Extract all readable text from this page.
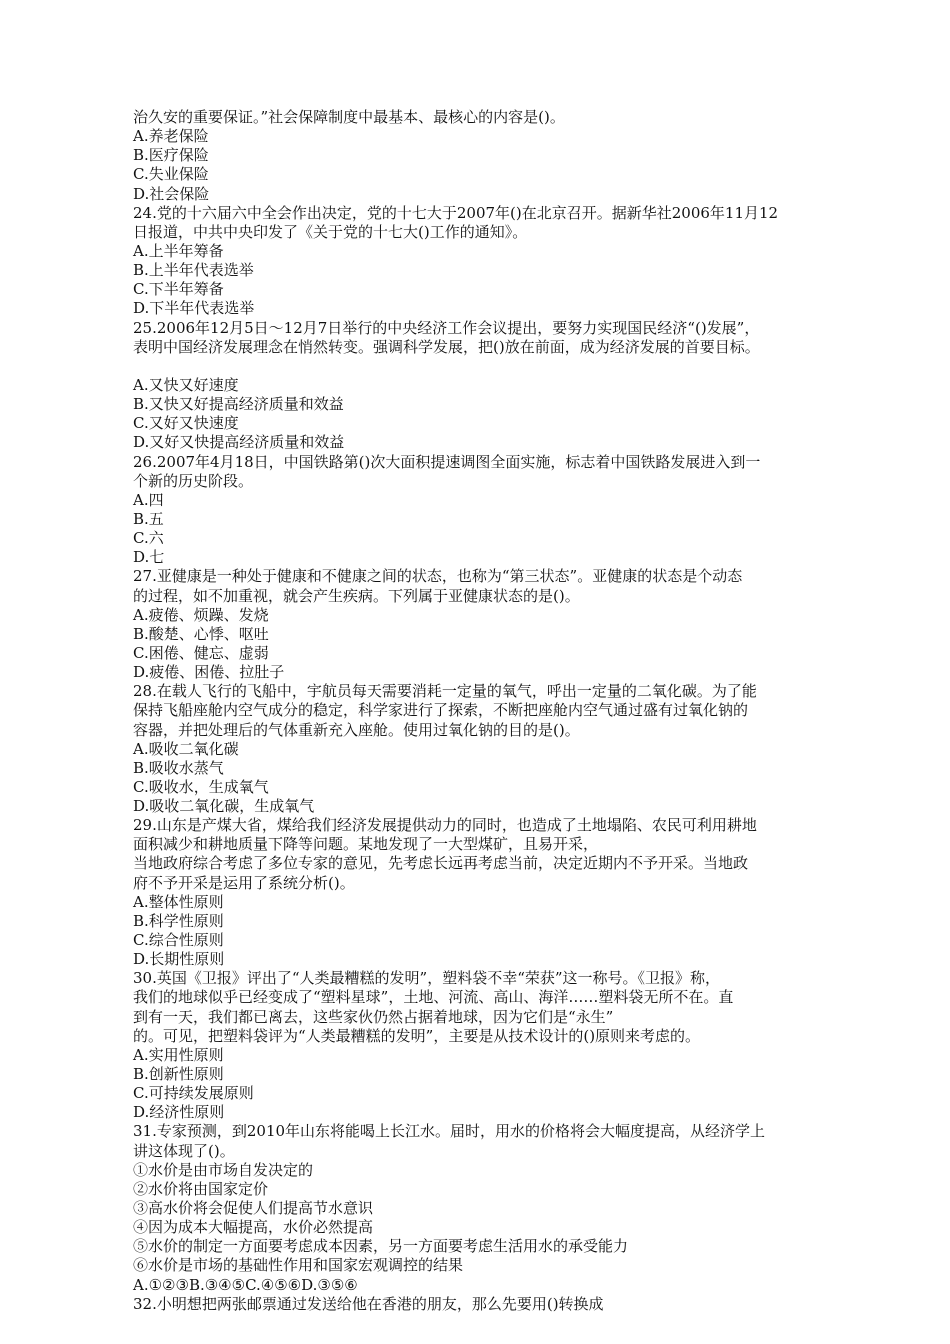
治久安的重要保证。”社会保障制度中最基本、最核心的内容是()。
A.养老保险
B.医疗保险
C.失业保险
D.社会保险
24.党的十六届六中全会作出决定，党的十七大于2007年()在北京召开。据新华社2006年11月12
日报道，中共中央印发了《关于党的十七大()工作的通知》。
A.上半年筹备
B.上半年代表选举
C.下半年筹备
D.下半年代表选举
25.2006年12月5日～12月7日举行的中央经济工作会议提出，要努力实现国民经济“()发展”，
表明中国经济发展理念在悄然转变。强调科学发展，把()放在前面，成为经济发展的首要目标。
A.又快又好速度
B.又快又好提高经济质量和效益
C.又好又快速度
D.又好又快提高经济质量和效益
26.2007年4月18日，中国铁路第()次大面积提速调图全面实施，标志着中国铁路发展进入到一
个新的历史阶段。
A.四
B.五
C.六
D.七
27.亚健康是一种处于健康和不健康之间的状态，也称为“第三状态”。亚健康的状态是个动态
的过程，如不加重视，就会产生疾病。下列属于亚健康状态的是()。
A.疲倦、烦躁、发烧
B.酸楚、心悸、呕吐
C.困倦、健忘、虚弱
D.疲倦、困倦、拉肚子
28.在载人飞行的飞船中，宇航员每天需要消耗一定量的氧气，呼出一定量的二氧化碳。为了能
保持飞船座舱内空气成分的稳定，科学家进行了探索，不断把座舱内空气通过盛有过氧化钠的
容器，并把处理后的气体重新充入座舱。使用过氧化钠的目的是()。
A.吸收二氧化碳
B.吸收水蒸气
C.吸收水，生成氧气
D.吸收二氧化碳，生成氧气
29.山东是产煤大省，煤给我们经济发展提供动力的同时，也造成了土地塌陷、农民可利用耕地
面积减少和耕地质量下降等问题。某地发现了一大型煤矿，且易开采，
当地政府综合考虑了多位专家的意见，先考虑长远再考虑当前，决定近期内不予开采。当地政
府不予开采是运用了系统分析()。
A.整体性原则
B.科学性原则
C.综合性原则
D.长期性原则
30.英国《卫报》评出了“人类最糟糕的发明”，塑料袋不幸“荣获”这一称号。《卫报》称，
我们的地球似乎已经变成了“塑料星球”，土地、河流、高山、海洋……塑料袋无所不在。直
到有一天，我们都已离去，这些家伙仍然占据着地球，因为它们是“永生”
的。可见，把塑料袋评为“人类最糟糕的发明”，主要是从技术设计的()原则来考虑的。
A.实用性原则
B.创新性原则
C.可持续发展原则
D.经济性原则
31.专家预测，到2010年山东将能喝上长江水。届时，用水的价格将会大幅度提高，从经济学上
讲这体现了()。
①水价是由市场自发决定的
②水价将由国家定价
③高水价将会促使人们提高节水意识
④因为成本大幅提高，水价必然提高
⑤水价的制定一方面要考虑成本因素，另一方面要考虑生活用水的承受能力
⑥水价是市场的基础性作用和国家宏观调控的结果
A.①②③B.③④⑤C.④⑤⑥D.③⑤⑥
32.小明想把两张邮票通过发送给他在香港的朋友，那么先要用()转换成
